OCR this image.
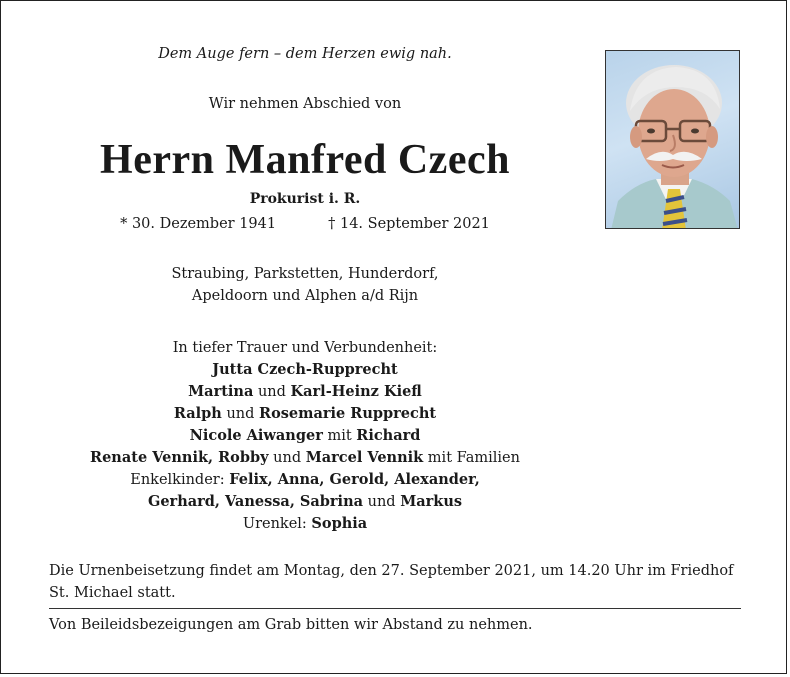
Dem Auge fern – dem Herzen ewig nah.
Wir nehmen Abschied von
Herrn Manfred Czech
Prokurist i. R.
* 30. Dezember 1941	† 14. September 2021
Straubing, Parkstetten, Hunderdorf,
Apeldoorn und Alphen a/d Rijn
In tiefer Trauer und Verbundenheit:
Jutta Czech-Rupprecht
Martina und Karl-Heinz Kiefl
Ralph und Rosemarie Rupprecht
Nicole Aiwanger mit Richard
Renate Vennik, Robby und Marcel Vennik mit Familien
Enkelkinder: Felix, Anna, Gerold, Alexander,
Gerhard, Vanessa, Sabrina und Markus
Urenkel: Sophia
Die Urnenbeisetzung findet am Montag, den 27. September 2021, um 14.20 Uhr im Friedhof St. Michael statt.
Von Beileidsbezeigungen am Grab bitten wir Abstand zu nehmen.
